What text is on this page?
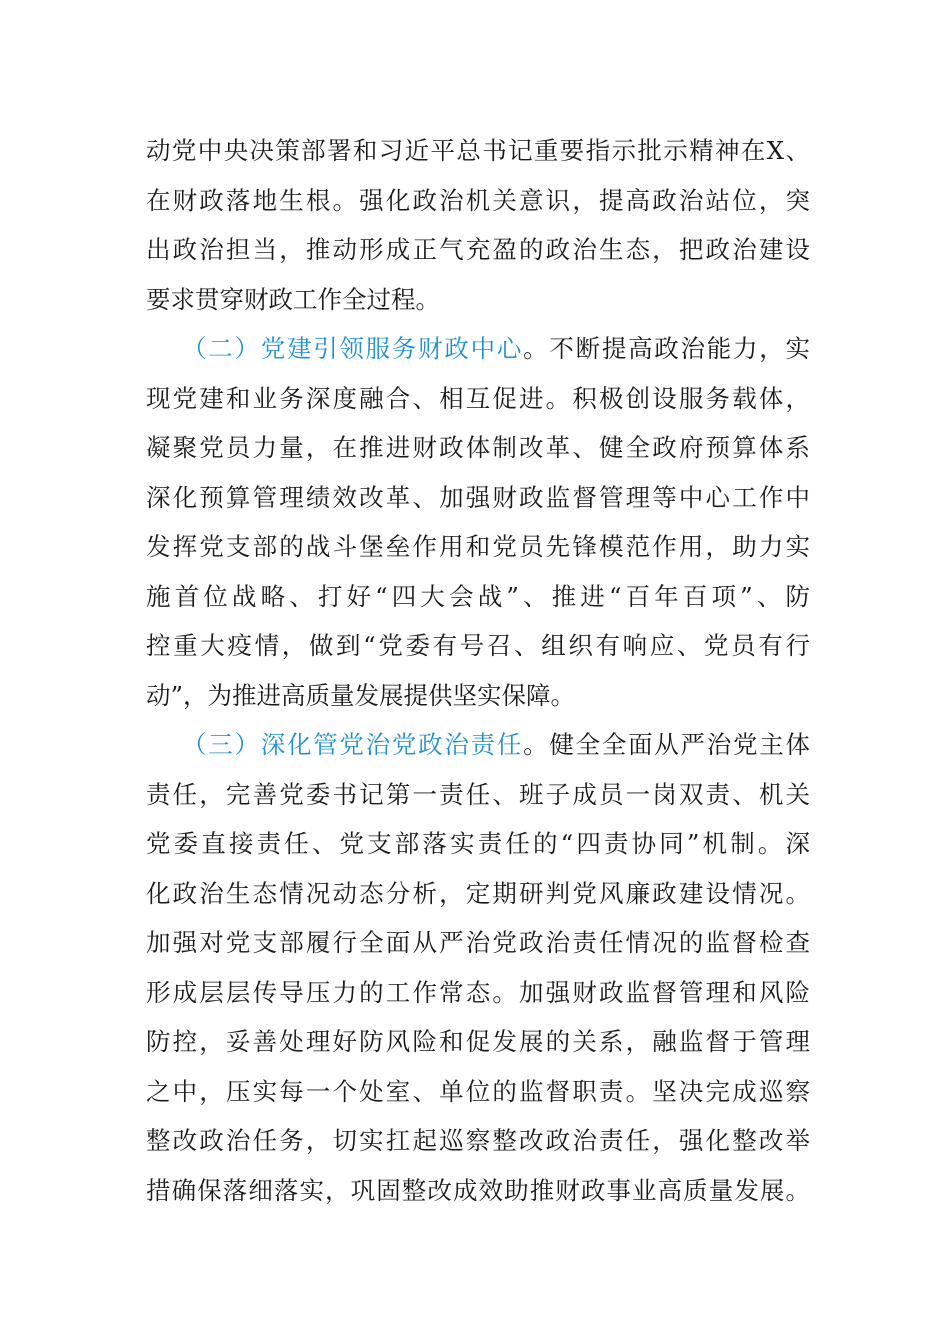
动党中央决策部署和习近平总书记重要指示批示精神在X、
在财政落地生根。强化政治机关意识，提高政治站位，突
出政治担当，推动形成正气充盈的政治生态，把政治建设
要求贯穿财政工作全过程。
（二）党建引领服务财政中心。不断提高政治能力，实
现党建和业务深度融合、相互促进。积极创设服务载体，
凝聚党员力量，在推进财政体制改革、健全政府预算体系
深化预算管理绩效改革、加强财政监督管理等中心工作中
发挥党支部的战斗堡垒作用和党员先锋模范作用，助力实
施首位战略、打好“四大会战”、推进“百年百项”、防
控重大疫情，做到“党委有号召、组织有响应、党员有行
动”，为推进高质量发展提供坚实保障。
（三）深化管党治党政治责任。健全全面从严治党主体
责任，完善党委书记第一责任、班子成员一岗双责、机关
党委直接责任、党支部落实责任的“四责协同”机制。深
化政治生态情况动态分析，定期研判党风廉政建设情况。
加强对党支部履行全面从严治党政治责任情况的监督检查
形成层层传导压力的工作常态。加强财政监督管理和风险
防控，妥善处理好防风险和促发展的关系，融监督于管理
之中，压实每一个处室、单位的监督职责。坚决完成巡察
整改政治任务，切实扛起巡察整改政治责任，强化整改举
措确保落细落实，巩固整改成效助推财政事业高质量发展。
